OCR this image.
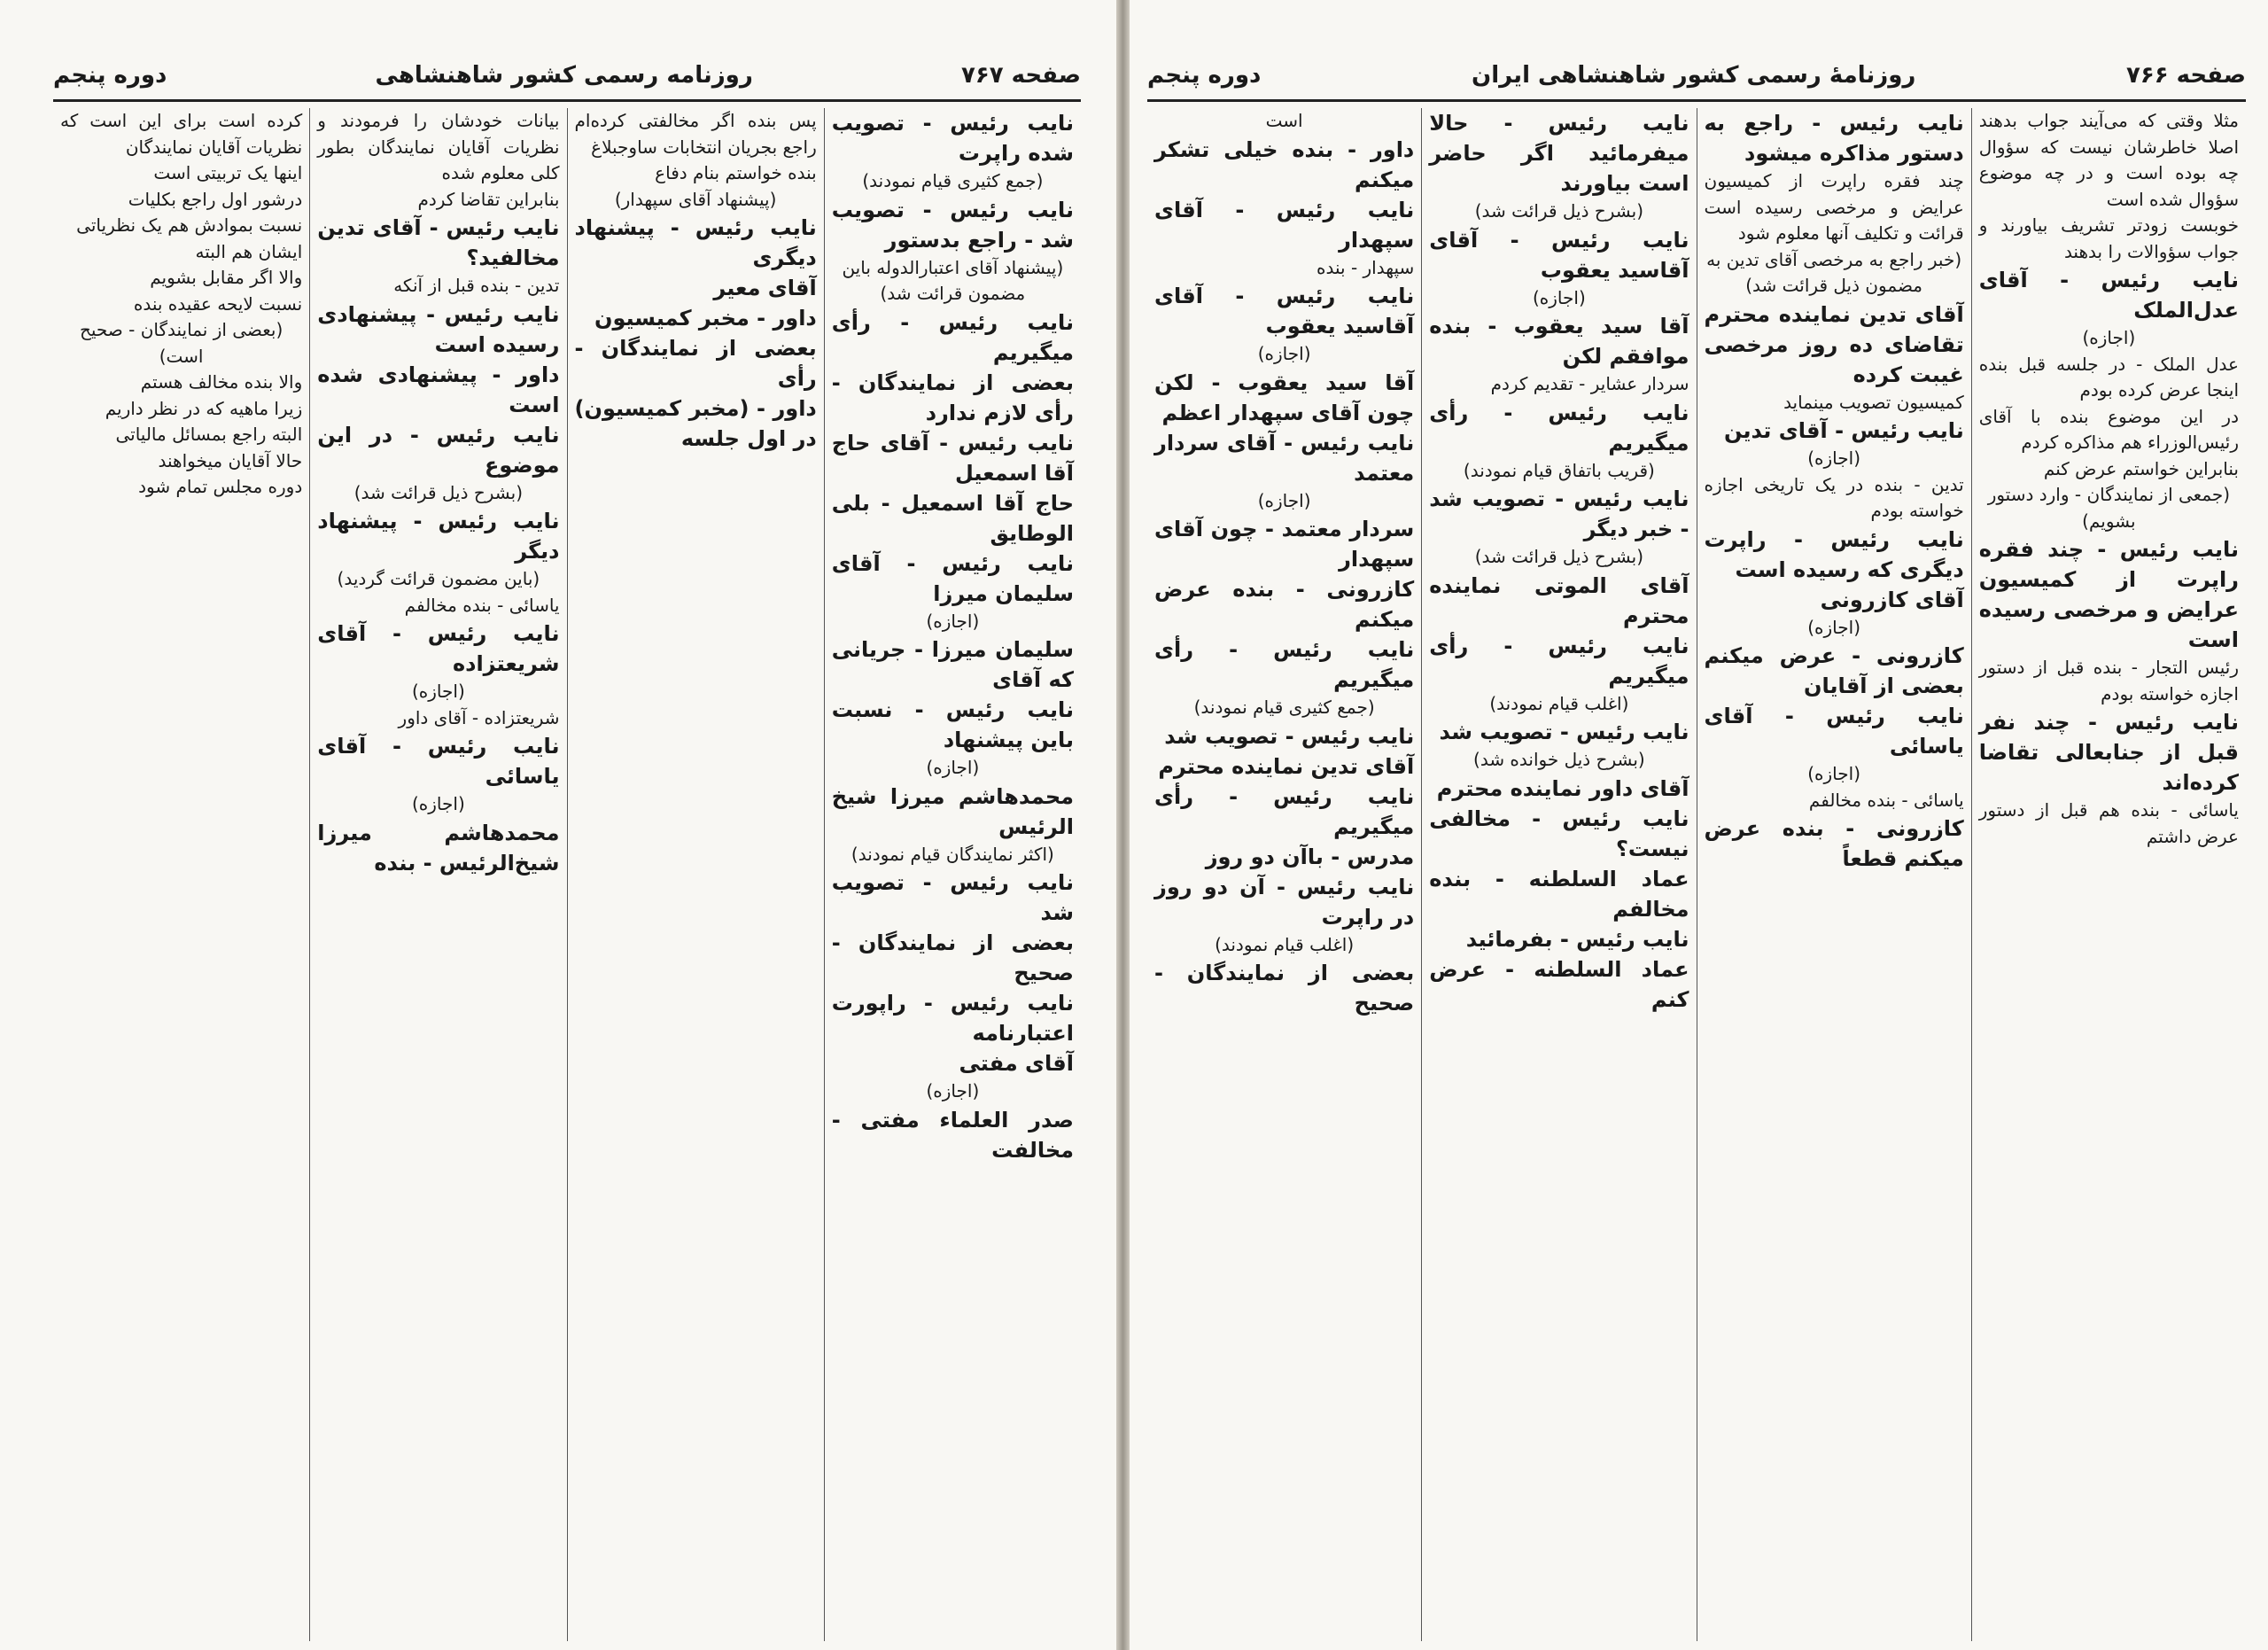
صفحه ۷۶۶
روزنامهٔ رسمی کشور شاهنشاهی ایران
دوره پنجم

مثلا وقتی که می‌آیند جواب بدهند اصلا خاطرشان نیست که سؤوال چه بوده است و در چه موضوع سؤوال شده است

خوبست زودتر تشریف بیاورند و جواب سؤوالات را بدهند

نایب رئیس - آقای عدل‌الملک

(اجازه)

عدل الملک - در جلسه قبل بنده اینجا عرض کرده بودم

در این موضوع بنده با آقای رئیس‌الوزراء هم مذاکره کردم

بنابراین خواستم عرض کنم

(جمعی از نمایندگان - وارد دستور بشویم)

نایب رئیس - چند فقره راپرت از کمیسیون عرایض و مرخصی رسیده است

رئیس التجار - بنده قبل از دستور اجازه خواسته بودم

نایب رئیس - چند نفر قبل از جنابعالی تقاضا کرده‌اند

یاسائی - بنده هم قبل از دستور عرض داشتم

نایب رئیس - راجع به دستور مذاکره میشود

چند فقره راپرت از کمیسیون عرایض و مرخصی رسیده است قرائت و تکلیف آنها معلوم شود

(خبر راجع به مرخصی آقای تدین به مضمون ذیل قرائت شد)

آقای تدین نماینده محترم تقاضای ده روز مرخصی غیبت کرده

کمیسیون تصویب مینماید

نایب رئیس - آقای تدین

(اجازه)

تدین - بنده در یک تاریخی اجازه خواسته بودم

نایب رئیس - راپرت دیگری که رسیده است

آقای کازرونی

(اجازه)

کازرونی - عرض میکنم بعضی از آقایان

نایب رئیس - آقای یاسائی

(اجازه)

یاسائی - بنده مخالفم

کازرونی - بنده عرض میکنم قطعاً

نایب رئیس - حالا میفرمائید اگر حاضر است بیاورند

(بشرح ذیل قرائت شد)

نایب رئیس - آقای آقاسید یعقوب

(اجازه)

آقا سید یعقوب - بنده موافقم لکن

سردار عشایر - تقدیم کردم

نایب رئیس - رأی میگیریم

(قریب باتفاق قیام نمودند)

نایب رئیس - تصویب شد - خبر دیگر

(بشرح ذیل قرائت شد)

آقای الموتی نماینده محترم

نایب رئیس - رأی میگیریم

(اغلب قیام نمودند)

نایب رئیس - تصویب شد

(بشرح ذیل خوانده شد)

آقای داور نماینده محترم

نایب رئیس - مخالفی نیست؟

عماد السلطنه - بنده مخالفم

نایب رئیس - بفرمائید

عماد السلطنه - عرض کنم

است

داور - بنده خیلی تشکر میکنم

نایب رئیس - آقای سپهدار

سپهدار - بنده

نایب رئیس - آقای آقاسید یعقوب

(اجازه)

آقا سید یعقوب - لکن چون آقای سپهدار اعظم

نایب رئیس - آقای سردار معتمد

(اجازه)

سردار معتمد - چون آقای سپهدار

کازرونی - بنده عرض میکنم

نایب رئیس - رأی میگیریم

(جمع کثیری قیام نمودند)

نایب رئیس - تصویب شد

آقای تدین نماینده محترم

نایب رئیس - رأی میگیریم

مدرس - باآن دو روز

نایب رئیس - آن دو روز در راپرت

(اغلب قیام نمودند)

بعضی از نمایندگان - صحیح

صفحه ۷۶۷
روزنامه رسمی کشور شاهنشاهی
دوره پنجم

نایب رئیس - تصویب شده راپرت

(جمع کثیری قیام نمودند)

نایب رئیس - تصویب شد - راجع بدستور

(پیشنهاد آقای اعتبارالدوله باین مضمون قرائت شد)

نایب رئیس - رأی میگیریم

بعضی از نمایندگان - رأی لازم ندارد

نایب رئیس - آقای حاج آقا اسمعیل

حاج آقا اسمعیل - بلی الوطایق

نایب رئیس - آقای سلیمان میرزا

(اجازه)

سلیمان میرزا - جریانی که آقای

نایب رئیس - نسبت باین پیشنهاد

(اجازه)

محمدهاشم میرزا شیخ الرئیس

(اکثر نمایندگان قیام نمودند)

نایب رئیس - تصویب شد

بعضی از نمایندگان - صحیح

نایب رئیس - راپورت اعتبارنامه

آقای مفتی

(اجازه)

صدر العلماء مفتی - مخالفت

پس بنده اگر مخالفتی کرده‌ام راجع بجریان انتخابات ساوجبلاغ

بنده خواستم بنام دفاع

(پیشنهاد آقای سپهدار)

نایب رئیس - پیشنهاد دیگری

آقای معیر

داور - مخبر کمیسیون

بعضی از نمایندگان - رأی

داور - (مخبر کمیسیون) در اول جلسه

بیانات خودشان را فرمودند و نظریات آقایان نمایندگان بطور کلی معلوم شده

بنابراین تقاضا کردم

نایب رئیس - آقای تدین مخالفید؟

تدین - بنده قبل از آنکه

نایب رئیس - پیشنهادی رسیده است

داور - پیشنهادی شده است

نایب رئیس - در این موضوع

(بشرح ذیل قرائت شد)

نایب رئیس - پیشنهاد دیگر

(باین مضمون قرائت گردید)

یاسائی - بنده مخالفم

نایب رئیس - آقای شریعتزاده

(اجازه)

شریعتزاده - آقای داور

نایب رئیس - آقای یاسائی

(اجازه)

محمدهاشم میرزا شیخ‌الرئیس - بنده

کرده است برای این است که نظریات آقایان نمایندگان

اینها یک تربیتی است

درشور اول راجع بکلیات

نسبت بموادش هم یک نظریاتی

ایشان هم البته

والا اگر مقابل بشویم

نسبت لایحه عقیده بنده

(بعضی از نمایندگان - صحیح است)

والا بنده مخالف هستم

زیرا ماهیه که در نظر داریم

البته راجع بمسائل مالیاتی

حالا آقایان میخواهند

دوره مجلس تمام شود
